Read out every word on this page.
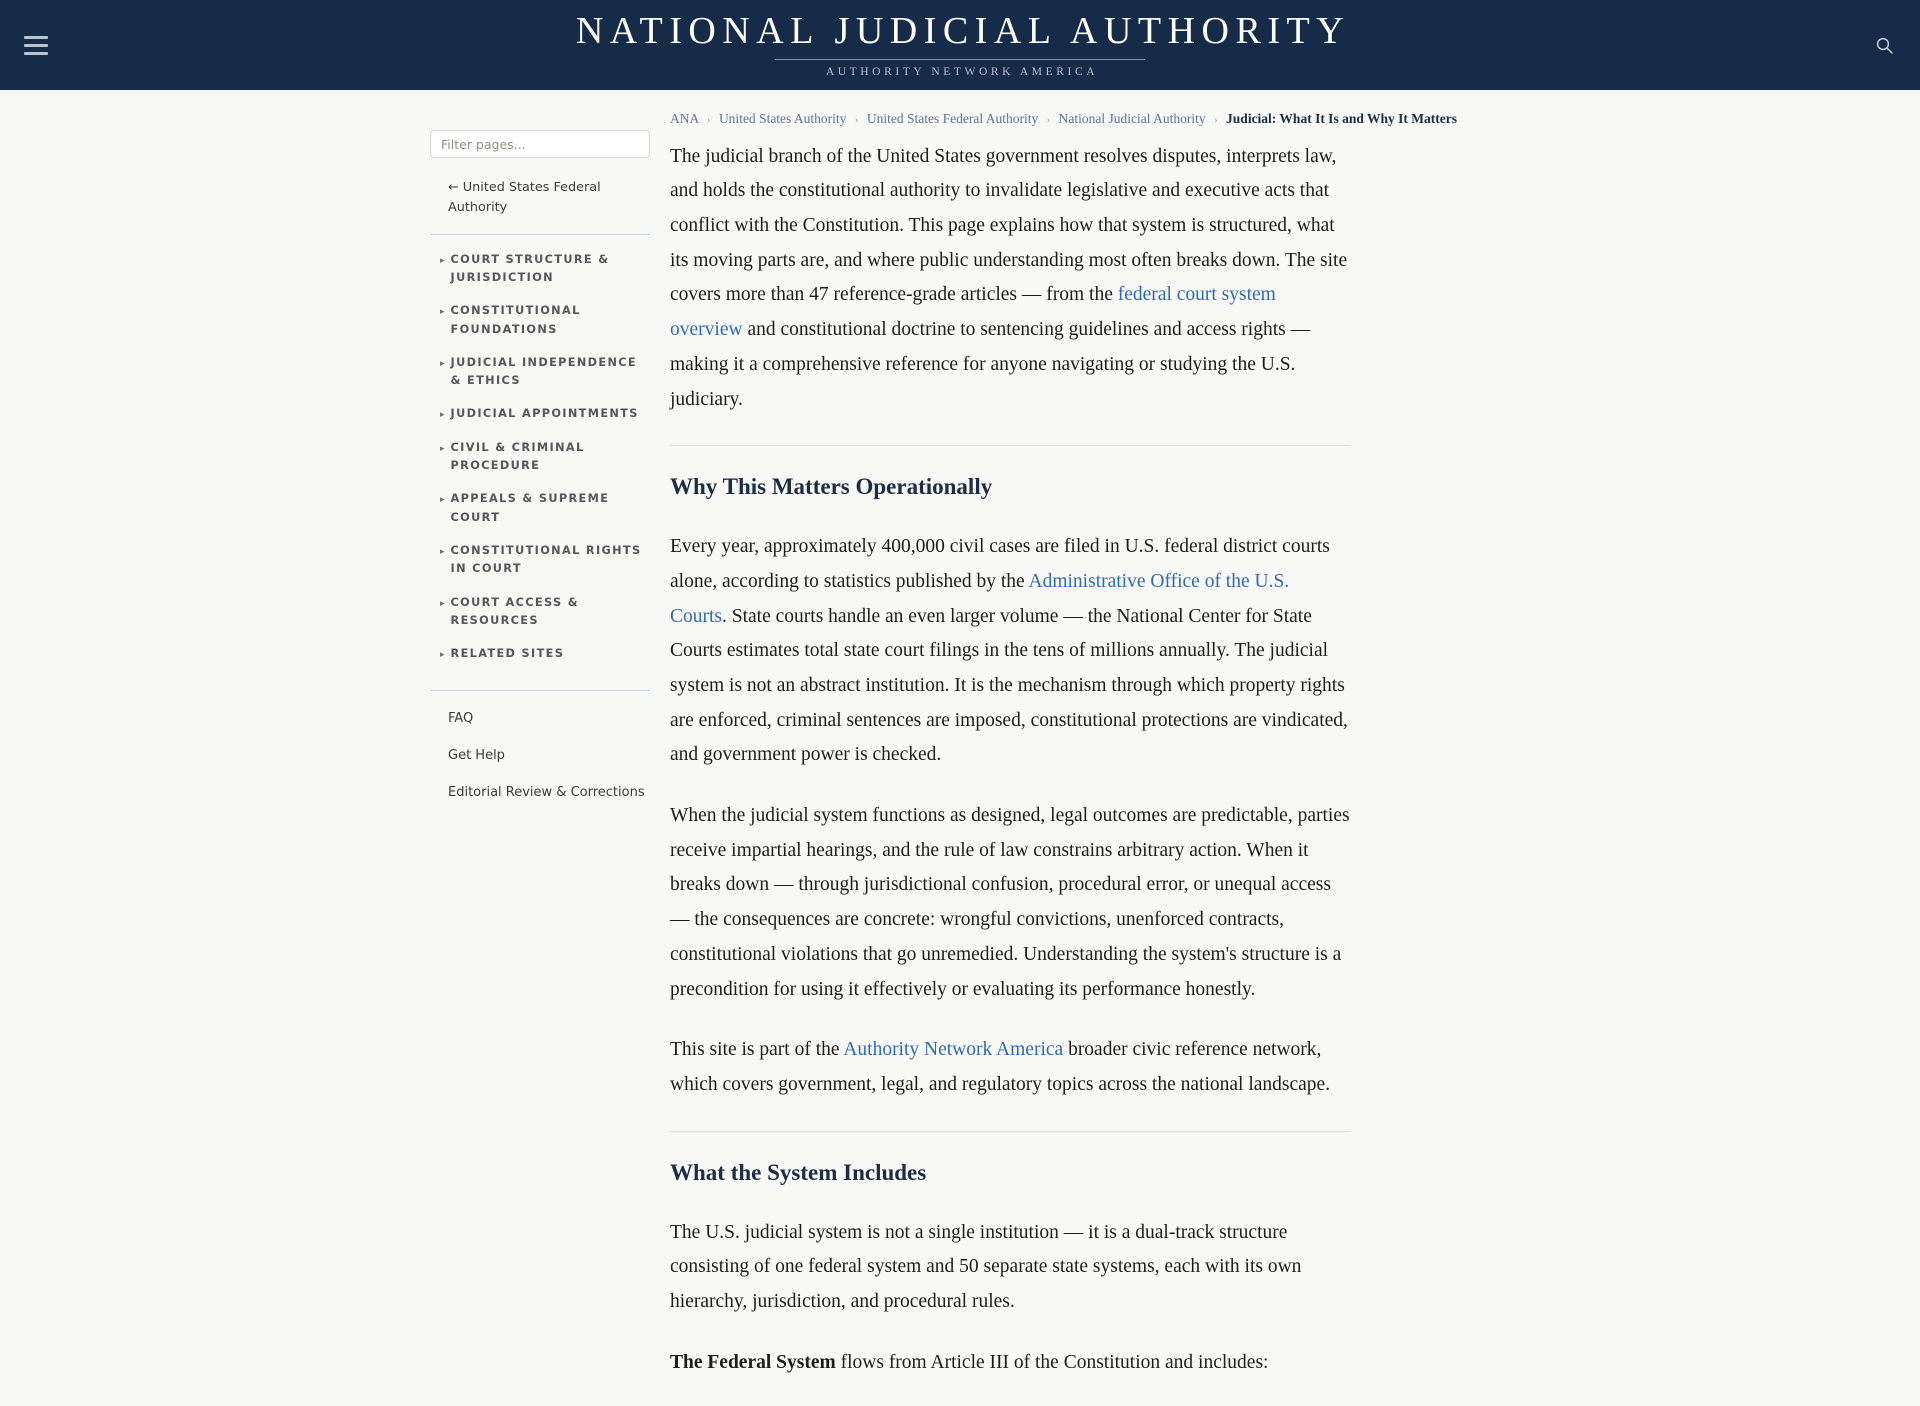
NATIONAL JUDICIAL AUTHORITY
AUTHORITY NETWORK AMERICA
Filter pages...
← United States Federal Authority
▸ COURT STRUCTURE & JURISDICTION
▸ CONSTITUTIONAL FOUNDATIONS
▸ JUDICIAL INDEPENDENCE & ETHICS
▸ JUDICIAL APPOINTMENTS
▸ CIVIL & CRIMINAL PROCEDURE
▸ APPEALS & SUPREME COURT
▸ CONSTITUTIONAL RIGHTS IN COURT
▸ COURT ACCESS & RESOURCES
▸ RELATED SITES
FAQ
Get Help
Editorial Review & Corrections
ANA › United States Authority › United States Federal Authority › National Judicial Authority › Judicial: What It Is and Why It Matters

The judicial branch of the United States government resolves disputes, interprets law, and holds the constitutional authority to invalidate legislative and executive acts that conflict with the Constitution. This page explains how that system is structured, what its moving parts are, and where public understanding most often breaks down. The site covers more than 47 reference-grade articles — from the federal court system overview and constitutional doctrine to sentencing guidelines and access rights — making it a comprehensive reference for anyone navigating or studying the U.S. judiciary.

Why This Matters Operationally

Every year, approximately 400,000 civil cases are filed in U.S. federal district courts alone, according to statistics published by the Administrative Office of the U.S. Courts. State courts handle an even larger volume — the National Center for State Courts estimates total state court filings in the tens of millions annually. The judicial system is not an abstract institution. It is the mechanism through which property rights are enforced, criminal sentences are imposed, constitutional protections are vindicated, and government power is checked.

When the judicial system functions as designed, legal outcomes are predictable, parties receive impartial hearings, and the rule of law constrains arbitrary action. When it breaks down — through jurisdictional confusion, procedural error, or unequal access — the consequences are concrete: wrongful convictions, unenforced contracts, constitutional violations that go unremedied. Understanding the system's structure is a precondition for using it effectively or evaluating its performance honestly.

This site is part of the Authority Network America broader civic reference network, which covers government, legal, and regulatory topics across the national landscape.

What the System Includes

The U.S. judicial system is not a single institution — it is a dual-track structure consisting of one federal system and 50 separate state systems, each with its own hierarchy, jurisdiction, and procedural rules.

The Federal System flows from Article III of the Constitution and includes:
